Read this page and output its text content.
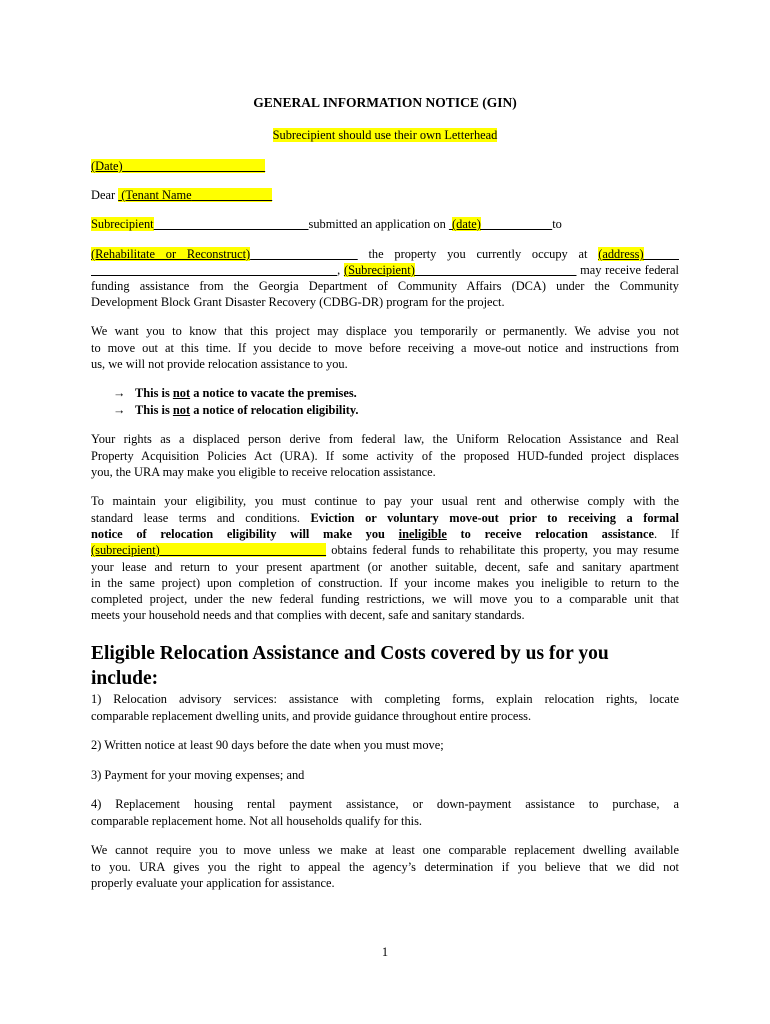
GENERAL INFORMATION NOTICE (GIN)
Subrecipient should use their own Letterhead
(Date)
Dear (Tenant Name
Subrecipient	submitted an application on (date)	to
(Rehabilitate or Reconstruct)	the property you currently occupy at (address)
, (Subrecipient)	may receive federal
funding assistance from the Georgia Department of Community Affairs (DCA) under the Community
Development Block Grant Disaster Recovery (CDBG-DR) program for the project.
We want you to know that this project may displace you temporarily or permanently. We advise you not
to move out at this time. If you decide to move before receiving a move-out notice and instructions from
us, we will not provide relocation assistance to you.
→ This is not a notice to vacate the premises.
→ This is not a notice of relocation eligibility.
Your rights as a displaced person derive from federal law, the Uniform Relocation Assistance and Real
Property Acquisition Policies Act (URA). If some activity of the proposed HUD-funded project displaces
you, the URA may make you eligible to receive relocation assistance.
To maintain your eligibility, you must continue to pay your usual rent and otherwise comply with the
standard lease terms and conditions. Eviction or voluntary move-out prior to receiving a formal
notice of relocation eligibility will make you ineligible to receive relocation assistance. If
(subrecipient)	obtains federal funds to rehabilitate this property, you may resume
your lease and return to your present apartment (or another suitable, decent, safe and sanitary apartment
in the same project) upon completion of construction. If your income makes you ineligible to return to the
completed project, under the new federal funding restrictions, we will move you to a comparable unit that
meets your household needs and that complies with decent, safe and sanitary standards.
Eligible Relocation Assistance and Costs covered by us for you
include:
1) Relocation advisory services: assistance with completing forms, explain relocation rights, locate
comparable replacement dwelling units, and provide guidance throughout entire process.
2) Written notice at least 90 days before the date when you must move;
3) Payment for your moving expenses; and
4) Replacement housing rental payment assistance, or down-payment assistance to purchase, a
comparable replacement home. Not all households qualify for this.
We cannot require you to move unless we make at least one comparable replacement dwelling available
to you. URA gives you the right to appeal the agency’s determination if you believe that we did not
properly evaluate your application for assistance.
1
